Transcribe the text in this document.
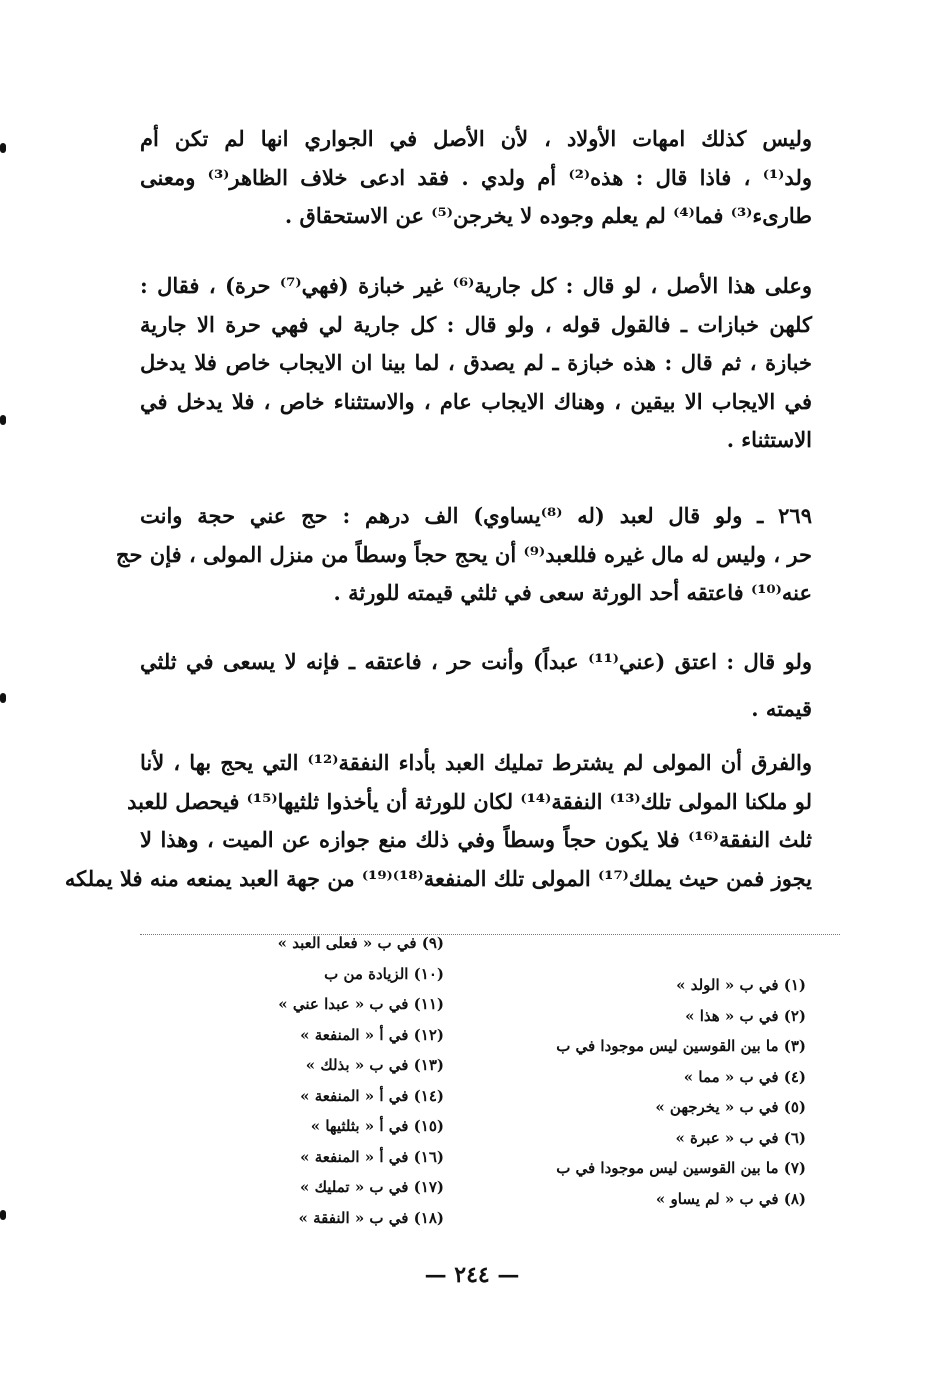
وليس كذلك امهات الأولاد ، لأن الأصل في الجواري انها لم تكن أم
ولد⁽¹⁾ ، فاذا قال : هذه⁽²⁾ أم ولدي . فقد ادعى خلاف الظاهر⁽³⁾ ومعنى
طارىء⁽³⁾ فما⁽⁴⁾ لم يعلم وجوده لا يخرجن⁽⁵⁾ عن الاستحقاق .
وعلى هذا الأصل ، لو قال : كل جارية⁽⁶⁾ غير خبازة (فهي⁽⁷⁾ حرة) ، فقال :
كلهن خبازات ـ فالقول قوله ، ولو قال : كل جارية لي فهي حرة الا جارية
خبازة ، ثم قال : هذه خبازة ـ لم يصدق ، لما بينا ان الايجاب خاص فلا يدخل
في الايجاب الا بيقين ، وهناك الايجاب عام ، والاستثناء خاص ، فلا يدخل في
الاستثناء .
٢٦٩ ـ ولو قال لعبد (له ⁽⁸⁾يساوي) الف درهم : حج عني حجة وانت
حر ، وليس له مال غيره فللعبد⁽⁹⁾ أن يحج حجاً وسطاً من منزل المولى ، فإن حج
عنه⁽¹⁰⁾ فاعتقه أحد الورثة سعى في ثلثي قيمته للورثة .
ولو قال : اعتق (عني⁽¹¹⁾ عبداً) وأنت حر ، فاعتقه ـ فإنه لا يسعى في ثلثي
قيمته .
والفرق أن المولى لم يشترط تمليك العبد بأداء النفقة⁽¹²⁾ التي يحج بها ، لأنا
لو ملكنا المولى تلك⁽¹³⁾ النفقة⁽¹⁴⁾ لكان للورثة أن يأخذوا ثلثيها⁽¹⁵⁾ فيحصل للعبد
ثلث النفقة⁽¹⁶⁾ فلا يكون حجاً وسطاً وفي ذلك منع جوازه عن الميت ، وهذا لا
يجوز فمن حيث يملك⁽¹⁷⁾ المولى تلك المنفعة⁽¹⁸⁾⁽¹⁹⁾ من جهة العبد يمنعه منه فلا يملكه
(١) في ب « الولد »
(٢) في ب « هذا »
(٣) ما بين القوسين ليس موجودا في ب
(٤) في ب « مما »
(٥) في ب « يخرجهن »
(٦) في ب « عبرة »
(٧) ما بين القوسين ليس موجودا في ب
(٨) في ب « لم يساو »
(٩) في ب « فعلى العبد »
(١٠) الزيادة من ب
(١١) في ب « عبدا عني »
(١٢) في أ « المنفعة »
(١٣) في ب « بذلك »
(١٤) في أ « المنفعة »
(١٥) في أ « بثلثيها »
(١٦) في أ « المنفعة »
(١٧) في ب « تمليك »
(١٨) في ب « النفقة »
— ٢٤٤ —
